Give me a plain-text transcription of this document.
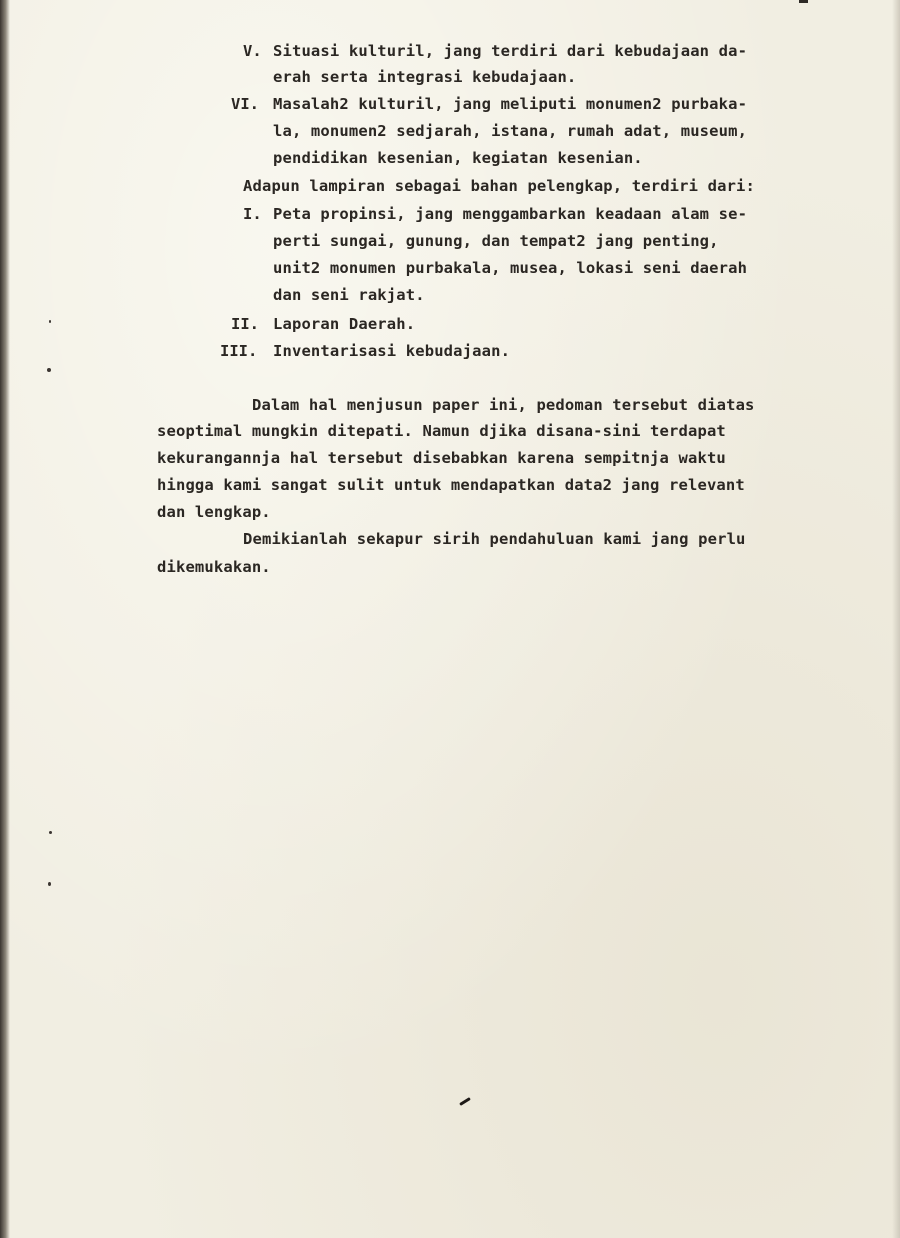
V. Situasi kulturil, jang terdiri dari kebudajaan da-
erah serta integrasi kebudajaan.
VI. Masalah2 kulturil, jang meliputi monumen2 purbaka-
la, monumen2 sedjarah, istana, rumah adat, museum,
pendidikan kesenian, kegiatan kesenian.
Adapun lampiran sebagai bahan pelengkap, terdiri dari:
I. Peta propinsi, jang menggambarkan keadaan alam se-
perti sungai, gunung, dan tempat2 jang penting,
unit2 monumen purbakala, musea, lokasi seni daerah
dan seni rakjat.
II. Laporan Daerah.
III. Inventarisasi kebudajaan.
Dalam hal menjusun paper ini, pedoman tersebut diatas
seoptimal mungkin ditepati. Namun djika disana-sini terdapat
kekurangannja hal tersebut disebabkan karena sempitnja waktu
hingga kami sangat sulit untuk mendapatkan data2 jang relevant
dan lengkap.
Demikianlah sekapur sirih pendahuluan kami jang perlu
dikemukakan.
